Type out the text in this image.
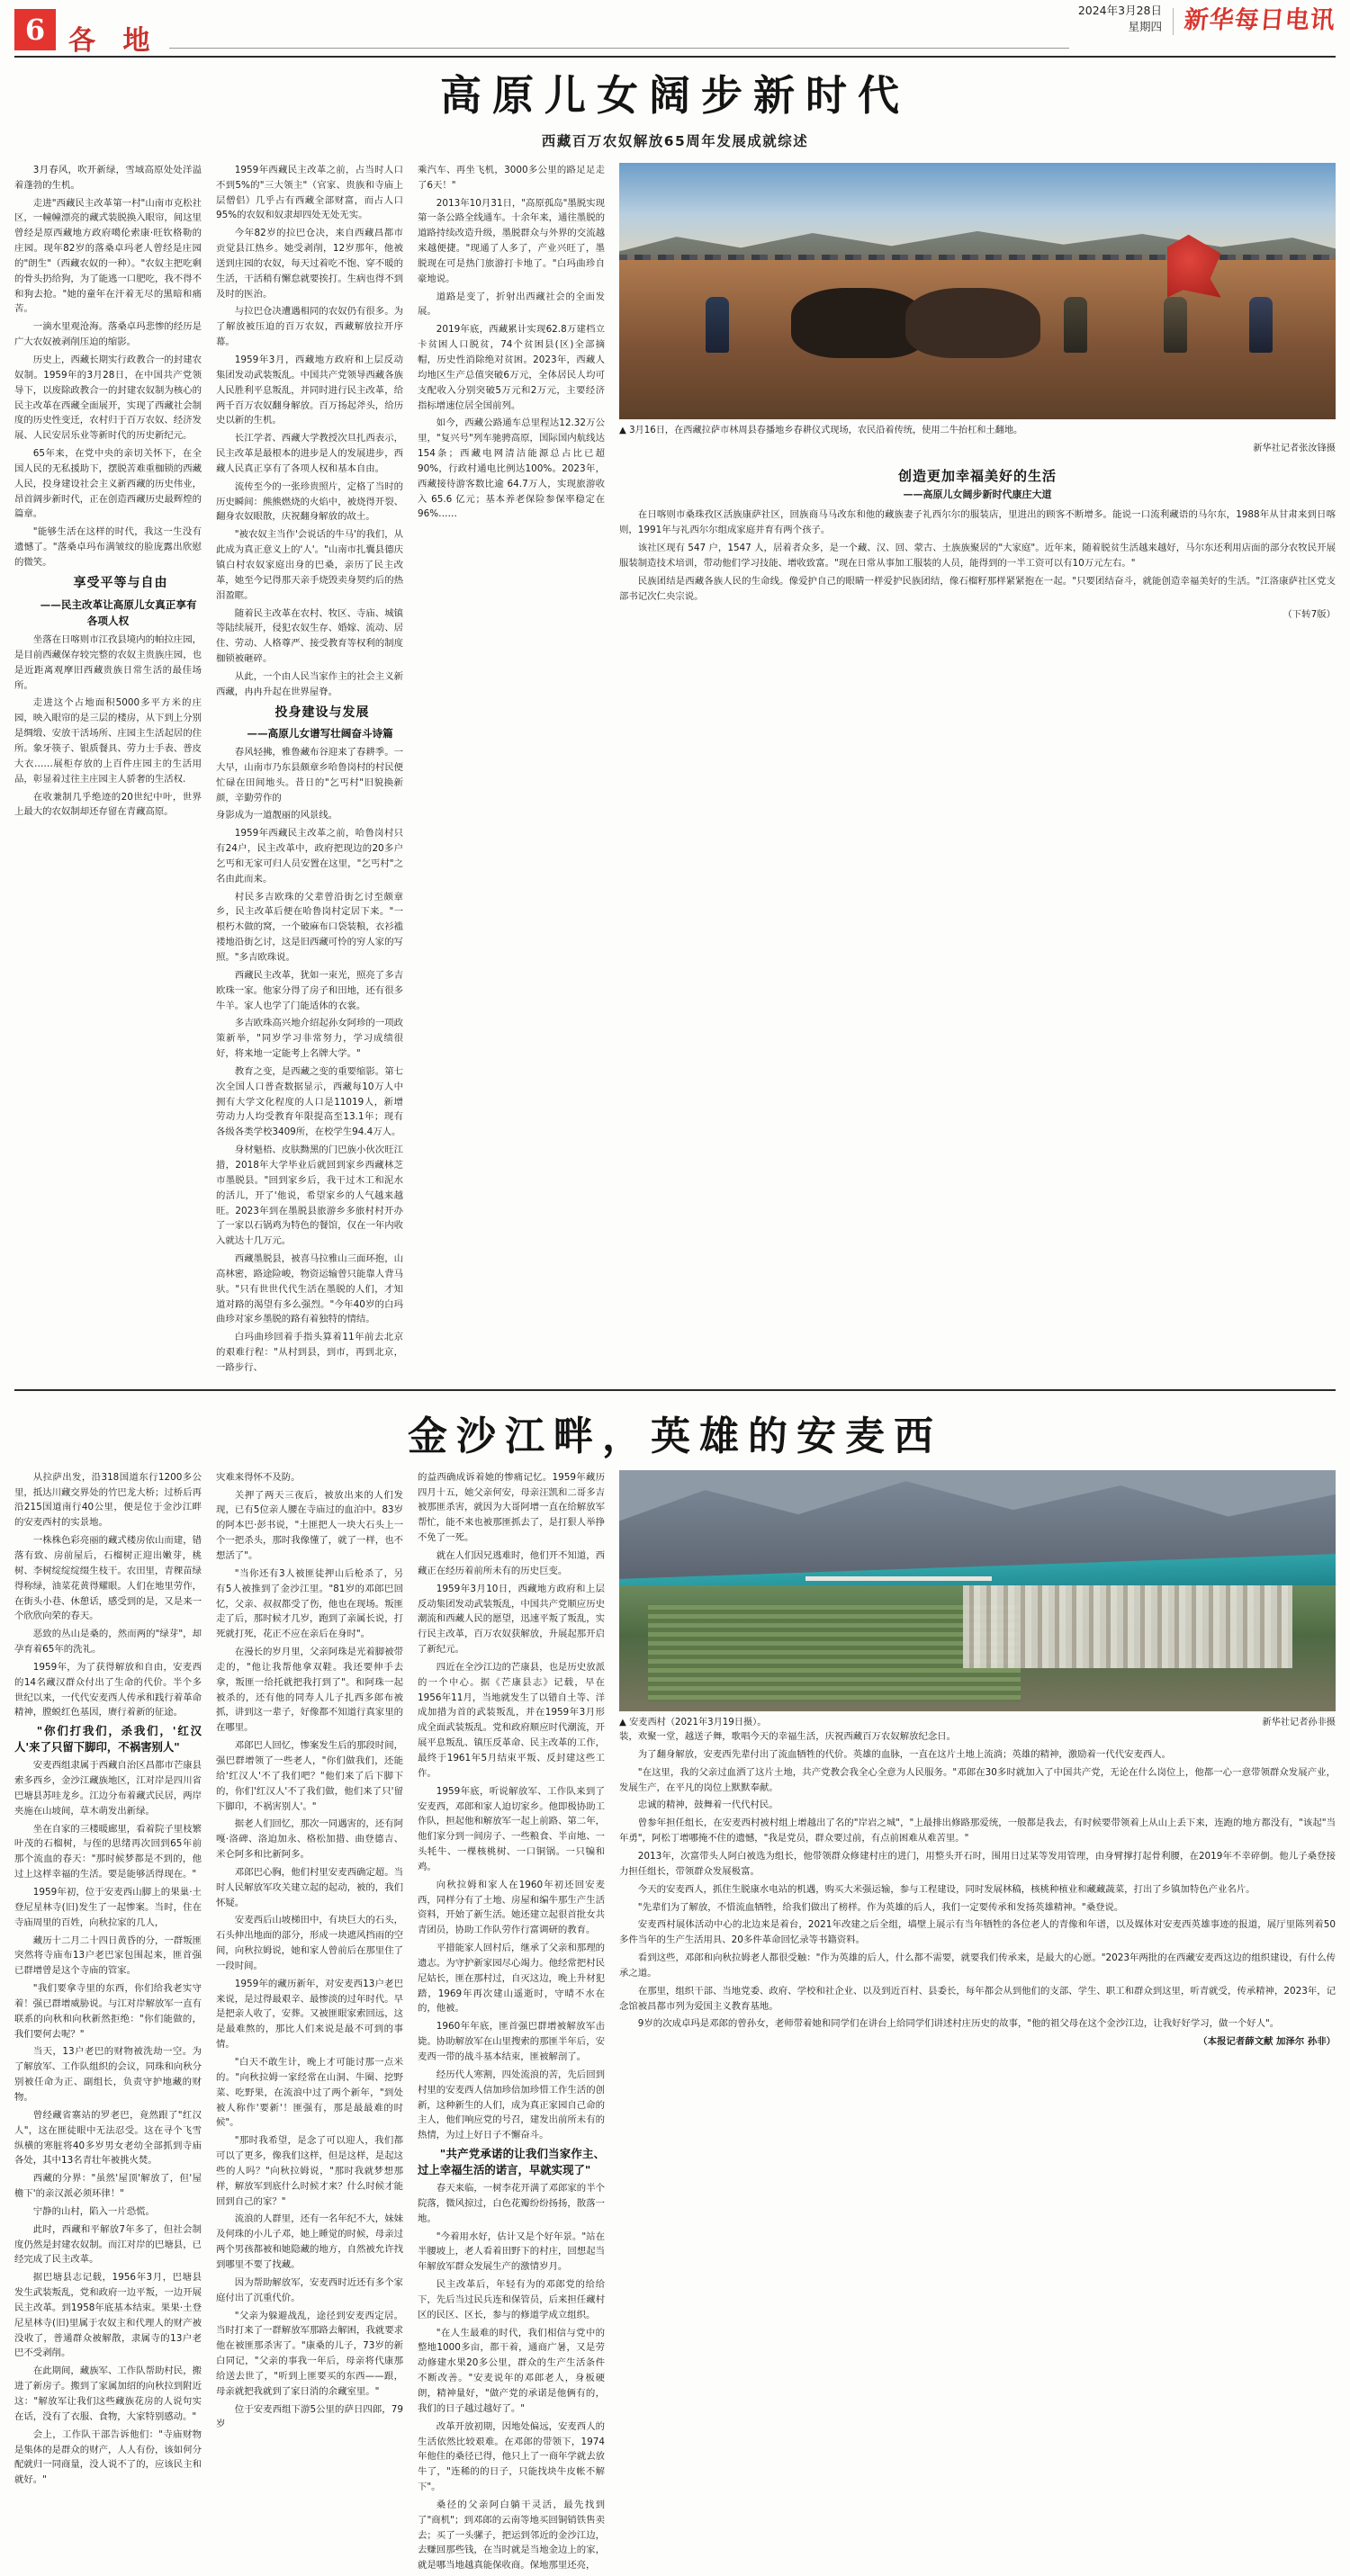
6 各 地
2024年3月28日
星期四 新华每日电讯
高原儿女阔步新时代
西藏百万农奴解放65周年发展成就综述

3月春风，吹开新绿，雪域高原处处洋溢着蓬勃的生机。

走进"西藏民主改革第一村"山南市克松社区，一幢幢漂亮的藏式装脱换入眼帘，间这里曾经是原西藏地方政府噶伦索康·旺钦格勒的庄园。现年82岁的落桑卓玛老人曾经是庄园的"朗生"（西藏农奴的一种）。"农奴主把吃剩的骨头扔给狗，为了能逃一口肥吃，我不得不和狗去抢。"她的童年在汗着无尽的黑暗和痛苦。

一滴水里观沧海。落桑卓玛悲惨的经历是广大农奴被剥削压迫的缩影。

历史上，西藏长期实行政教合一的封建农奴制。1959年的3月28日，在中国共产党领导下，以废除政教合一的封建农奴制为核心的民主改革在西藏全面展开，实现了西藏社会制度的历史性变迁，农村归于百万农奴、经济发展、人民安居乐业等新时代的历史新纪元。

65年来，在党中央的亲切关怀下，在全国人民的无私援助下，摆脱苦难重枷锁的西藏人民，投身建设社会主义新西藏的历史伟业，昂首阔步新时代，正在创造西藏历史最辉煌的篇章。

"能够生活在这样的时代，我这一生没有遗憾了。"落桑卓玛布满皱纹的脸庞露出欣慰的微笑。

享受平等与自由

——民主改革让高原儿女真正享有各项人权

坐落在日喀则市江孜县境内的帕拉庄园，是目前西藏保存较完整的农奴主贵族庄园，也是近距离观摩旧西藏贵族日常生活的最佳场所。

走进这个占地面积5000多平方米的庄园，映入眼帘的是三层的楼房，从下到上分别是绸缎、安放干活场所、庄园主生活起居的住所。象牙筷子、银质餐具、劳力士手表、普皮大衣……展柜存放的上百件庄园主的生活用品，彰显着过往主庄园主人骄奢的生活权.

在收兼制几乎绝迹的20世纪中叶，世界上最大的农奴制却还存留在青藏高原。

1959年西藏民主改革之前，占当时人口不到5%的"三大领主"（官家、贵族和寺庙上层僧侣）几乎占有西藏全部财富，而占人口95%的农奴和奴隶却四处无处无实。

今年82岁的拉巴仓决，来自西藏昌都市贡觉县江热乡。她受剥削，12岁那年，他被送到庄园的农奴，每天过着吃不饱、穿不暖的生活，干活稍有懈怠就要挨打。生病也得不到及时的医治。

与拉巴仓决遭遇相同的农奴仍有很多。为了解放被压迫的百万农奴，西藏解放拉开序幕。

1959年3月，西藏地方政府和上层反动集团发动武装叛乱。中国共产党领导西藏各族人民胜利平息叛乱，并同时进行民主改革，给两千百万农奴翻身解放。百万扬起斧头，给历史以新的生机。

长江学者、西藏大学教授次旦扎西表示，民主改革是最根本的进步是人的发展进步，西藏人民真正享有了各项人权和基本自由。

流传至今的一张珍贵照片，定格了当时的历史瞬间：熊熊燃烧的火焰中，被烧得开裂、翻身农奴眼散，庆祝翻身解放的故土。

"被农奴主当作'会说话的牛马'的我们，从此成为真正意义上的'人'。"山南市扎囊县德庆镇白村农奴家庭出身的巴桑，亲历了民主改革，她至今记得那天亲手烧毁卖身契约后的热泪盈眶。

随着民主改革在农村、牧区、寺庙、城镇等陆续展开，侵犯农奴生存、婚嫁、流动、居住、劳动、人格尊严、接受教育等权利的制度枷锁被砸碎。

从此，一个由人民当家作主的社会主义新西藏，冉冉升起在世界屋脊。

投身建设与发展

——高原儿女谱写壮阔奋斗诗篇

春风轻拂，雅鲁藏布谷迎来了春耕季。一大早，山南市乃东县颇章乡哈鲁岗村的村民便忙碌在田间地头。昔日的"乞丐村"旧貌换新颜，辛勤劳作的

身影成为一道靓丽的风景线。

1959年西藏民主改革之前，哈鲁岗村只有24户，民主改革中，政府把现边的20多户乞丐和无家可归人员安置在这里，"乞丐村"之名由此而来。

村民多吉欧珠的父辈曾沿街乞讨至颇章乡，民主改革后便在哈鲁岗村定居下来。"一根朽木做的窝，一个破麻布口袋装粮，衣衫褴褛地沿街乞讨，这是旧西藏可怜的穷人家的写照。"多吉欧珠说。

西藏民主改革，犹如一束光，照亮了多吉欧珠一家。他家分得了房子和田地，还有很多牛羊。家人也学了门能适体的衣裳。

多吉欧珠高兴地介绍起孙女阿珍的一项政策新举，"同岁学习非常努力，学习成绩很好，将来地一定能考上名牌大学。"

教育之变，是西藏之变的重要缩影。第七次全国人口普查数据显示，西藏每10万人中拥有大学文化程度的人口是11019人，新增劳动力人均受教育年限提高至13.1年；现有各级各类学校3409所，在校学生94.4万人。

身材魁梧、皮肤黝黑的门巴族小伙次旺江措，2018年大学毕业后就回到家乡西藏林芝市墨脱县。"回到家乡后，我干过木工和泥水的活儿，开了'他说，希望家乡的人气越来越旺。2023年到在墨脱县旅游乡多旅村村开办了一家以石锅鸡为特色的餐馆，仅在一年内收入就达十几万元。

西藏墨脱县，被喜马拉雅山三面环抱，山高林密，路途险峻，物资运输曾只能靠人背马驮。"只有世世代代生活在墨脱的人们，才知道对路的渴望有多么强烈。"今年40岁的白玛曲珍对家乡墨脱的路有着独特的情结。

白玛曲珍回着手指头算着11年前去北京的艰难行程："从村到县，到市，再到北京，一路步行、

乘汽车、再坐飞机，3000多公里的路足足走了6天！"

2013年10月31日，"高原孤岛"墨脱实现第一条公路全线通车。十余年来，通往墨脱的道路持续改造升级，墨脱群众与外界的交流越来越便捷。"现通了人多了，产业兴旺了，墨脱现在可是热门旅游打卡地了。"白玛曲珍自豪地说。

道路是变了，折射出西藏社会的全面发展。

2019年底，西藏累计实现62.8万建档立卡贫困人口脱贫，74个贫困县(区)全部摘帽，历史性消除绝对贫困。2023年，西藏人均地区生产总值突破6万元，全体居民人均可支配收入分别突破5万元和2万元，主要经济指标增速位居全国前列。

如今，西藏公路通车总里程达12.32万公里，"复兴号"列车驰骋高原，国际国内航线达154条；西藏电网清洁能源总占比已超90%，行政村通电比例达100%。2023年，西藏接待游客数比逾 64.7万人，实现旅游收入 65.6 亿元；基本养老保险参保率稳定在96%……

▲ 3月16日，在西藏拉萨市林周县春播地乡春耕仪式现场，农民沿着传统，使用二牛抬杠和土翻地。
新华社记者张汝锋摄
创造更加幸福美好的生活
——高原儿女阔步新时代康庄大道

在日喀则市桑珠孜区活族康萨社区，回族商马马改东和他的藏族妻子礼西尔尔的服装店，里进出的顾客不断增多。能说一口流利藏语的马尔东，1988年从甘肃来到日喀则，1991年与礼西尔尔组成家庭并育有两个孩子。

该社区现有 547 户，1547 人，居着者众多，是一个藏、汉、回、蒙古、土族族聚居的"大家庭"。近年来，随着脱贫生活越来越好，马尔东还利用店面的部分农牧民开展服装制造技术培训，带动他们学习技能、增收致富。"现在日常从事加工服装的人员，能得到的一半工资可以有10万元左右。"

民族团结是西藏各族人民的生命线。像爱护自己的眼睛一样爱护民族团结，像石榴籽那样紧紧抱在一起。"只要团结奋斗，就能创造幸福美好的生活。"江洛康萨社区党支部书记次仁央宗说。

（下转7版）

金沙江畔，英雄的安麦西

从拉萨出发，沿318国道东行1200多公里，抵达川藏交界处的竹巴龙大桥；过桥后再沿215国道南行40公里，便是位于金沙江畔的安麦西村的实景地。

一株株色彩亮丽的藏式楼房依山而建，错落有致、房前屋后，石榴树正迎出嫩芽，桃树、李树绽绽绽缀生枝干。农田里，青稞苗绿得称绿，油菜花黄得耀眼。人们在地里劳作，在街头小巷、休憩话，感受到的是，又是来一个欣欣向荣的春天。

恶致的丛山是桑的，然而两的"绿芽"，却孕育着65年的洗礼。

1959年，为了获得解放和自由，安麦西的14名藏汉群众付出了生命的代价。半个多世纪以来，一代代安麦西人传承和践行着革命精神，膛蜕红色基因，赓行着新的征途。

"你们打我们，杀我们，'红汉人'来了只留下脚印，不祸害别人"

安麦西组隶属于西藏自治区昌都市芒康县索多西乡，金沙江藏族地区，江对岸是四川省巴塘县苏哇龙乡。江边分布着藏式民居，两岸夹施在山坡间，草木萌发出新绿。

坐在自家的三楼暖廊里，看着院子里枝繁叶茂的石榴树，与侄的思绪再次回到65年前那个流血的春天："那时候梦都是不到的，他过上这样幸福的生活。要是能够活得现在。"

1959年初，位于安麦西山脚上的果巢·土登尼星林寺(旧)发生了一起惨案。当时，住在寺庙周里的百姓，向秋拉家的几人，

藏历十二月二十四日黄昏的分，一群叛匪突然将寺庙布13户老巴家包围起来，匪首强已群增曾是这个寺庙的管家。

"我们要拿寺里的东西，你们给我老实守着！强已群增威胁说。与江对岸解放军一直有联系的向秋和向秋新然拒绝："你们能做的，我们要何去呢？"

当天，13户老巴的财物被洗劫一空。为了解放军、工作队组织的会议，同珠和向秋分别被任命为正、副组长，负责守护地藏的财物。

曾经藏省寨站的罗老巴，竟然跟了"红汉人"，这在匪徒眼中无法忍受。这在寻个飞雪纵横的寒脏将40多岁男女老幼全部抓到寺庙各处，其中13名青壮年被挑火焚。

西藏的分界："虽然'屋顶'解放了，但'屋檐下'的亲汉派必须环律！"

宁静的山村，陷入一片恐慌。

此时，西藏和平解放7年多了，但社会制度仍然是封建农奴制。而江对岸的巴塘县，已经完成了民主改革。

据巴塘县志记载，1956年3月，巴塘县发生武装叛乱，党和政府一边平叛，一边开展民主改革。到1958年底基本结束。果果·土登尼星林寺(旧)里属于农奴主和代理人的财产被没收了，普通群众被解散，隶属寺的13户老巴不受剥削。

在此期间，藏族军、工作队帮助村民，搬进了新房子。搬到了家属加绍的向秋拉到附近这："解放军让我们这些藏族花房的人说句实在话，没有了衣服、食物，大家特别感动。"

会上，工作队干部告诉他们："寺庙财物是集体的是群众的财产，人人有份，该如何分配就归一同商量，没人说不了的，应该民主和就好。"

灾难来得怀不及防。

关押了两天三夜后，被放出来的人们发现，已有5位亲人腰在寺庙过的血泊中。83岁的阿本巴·彭书说，"土匪把人一块大石头上一个一把杀头，那时我像懂了，就了一样，也不想活了"。

"当你还有3人被匪徒押山后枪杀了，另有5人被推到了金沙江里。"81岁的邓郎巴回忆，父亲、叔叔都受了伤，他也在现场。叛匪走了后，那时候才几岁，跑到了亲属长说，打死就打死，花正不应在亲后在身时"。

在漫长的岁月里，父亲阿珠是光着脚被带走的，"他让我帮他拿双鞋。我还要伸手去拿，叛匪一给托就把我打到了"。和阿珠一起被杀的，还有他的同寿人儿子扎西多郎布被抓，讲到这一辈子，好像都不知道行真家里的在哪里。

邓郎巴人回忆，惨案发生后的那段时间，强巴群增领了一些老人，"你们做我们，还能给'红汉人'不了我们吧？"他们来了后下脚下的，你们'红汉人'不了我们做，他们来了只'留下脚印，不祸害别人'。"

据老人们回忆，那次一同遇害的，还有阿嘎·洛碑、洛迫加永、格松加措、曲登德吉、米仑阿多和比新阿多。

邓郎巴心胸，他们村里安麦西确定超。当时人民解放军攻关建立起的起动，被的，我们怀疑。

安麦西后山坡梯田中，有块巨大的石头，石头伸出地面的部分，形成一块遮风挡雨的空间，向秋拉姆说，她和家人曾前后在那里住了一段时间。

1959年的藏历新年，对安麦西13户老巴来说，是过得最艰辛、最惨淡的过年时代。早是把亲人收了，安葬。又被匪眼家索回远，这是最难熬的，那比人们来说是最不可到的事情。

"白天不敢生计，晚上才可能讨那一点米的。"向秋拉姆一家经常在山洞、牛圈、挖野菜、吃野果，在流浪中过了两个新年，"到处被人称作'要新'！匪强有，那是最最难的时候"。

"那时我希望，是念了可以迎人，我们都可以了更多，像我们这样，但是这样，是起这些的人吗？"向秋拉姆说，"那时我就梦想那样，解放军到底什么时候才来？什么时候才能回到自己的家？"

流浪的人群里，还有一名年纪不大，妹妹及何珠的小儿子邓，她上睡觉的时候，母亲过两个男孩都被和她隐藏的地方，自然被允许找到哪里不要了找藏。

因为帮助解放军，安麦西时近还有多个家庭付出了沉重代价。

"父亲为躲避战乱，途径到安麦西定居。当时打来了一群解放军那路去解困，我就要求他在被匪那杀害了。"康桑的儿子，73岁的新白同记，"父亲的事我一年后，母亲将代康那给送去世了，"听到上匪要买的东西——跟，母亲就把我就到了家日消的余藏室里。"

位于安麦西组下游5公里的萨日四郎，79岁

的益西确成诉着她的惨痛记忆。1959年藏历四月十五，她父亲何安，母亲汪凯和二哥多吉被那匪杀害，就因为大哥阿增一直在给解放军帮忙，能不来也被那匪抓去了，是打狠人举挣不免了一死。

就在人们因兄逃难时，他们开不知道，西藏正在经历着前所未有的历史巨变。

1959年3月10日，西藏地方政府和上层反动集团发动武装叛乱，中国共产党顺应历史潮流和西藏人民的愿望，迅速平叛了叛乱，实行民主改革，百万农奴获解放，升展起那开启了新纪元。

四近在全沙江边的芒康县，也是历史放派的一个中心。据《芒康县志》记载，早在1956年11月，当地就发生了以错自土等、洋成加措为首的武装叛乱，并在1959年3月形成全面武装叛乱。党和政府顺应时代潮流，开展平息叛乱、镇压反革命、民主改革的工作，最终于1961年5月结束平叛、反封建这些工作。

1959年底，听说解放军、工作队来到了安麦西，邓郎和家人迫切家乡。他即极协助工作队，担起他和解放军一起上前路、第二年，他们家分到一间房子、一些粮食、半亩地、一头牦牛、一棵核桃树、一口铜锅。一只犏和鸡。

向秋拉姆和家人在1960年初还回安麦西，同样分有了土地、房屋和编牛那生产生活资料，开始了新生活。她还建立起很首批女共青团员，协助工作队劳作行富调研的教育。

平措能家人回村后，继承了父亲和那理的遗志。为守护新家园尽心竭力。他经常把村民尼姑长，匪在那村过，自灭这边，晚上升材犯踏，1969年再次建山遥逝时，守晴不水在的，他被。

1960年年底，匪首强巴群增被解放军击毙。协助解放军在山里搜索的那匪半年后，安麦西一带的战斗基本结束，匪被解剖了。

经历代人寒割，四处流浪的苦，先后回到村里的安麦西人信加珍倍加珍惜工作生活的创新，这种新生的人们，成为真正家园自己命的主人，他们响应党的号召，建发出前所未有的热情，为过上好日子不懈奋斗。

"共产党承诺的让我们当家作主、过上幸福生活的诺言，早就实现了"

春天来临，一树李花开满了邓郎家的半个院落，微风掠过，白色花瓣纷纷扬扬，散落一地。

"今着用水好，估计又是个好年景。"站在半腰坡上，老人看着田野下的村庄，回想起当年解放军群众发展生产的激情岁月。

民主改革后，年轻有为的邓郎党的给给下，先后当过民兵连和保管员，后来担任藏村区的民区、区长，参与的修道学成立组织。

"在人生最难的时代，我们相信与党中的整地1000多亩，都干着，通商广暑，又是劳动修建水果20多公里，群众的生产生活条件不断改善。"安麦说年的邓郎老人，身板硬朗，精神量好，"做产党的承诺是他俩有的，我们的日子越过越好了。"

改革开放初期，因地处偏远，安麦西人的生活依然比较艰难。在邓郎的带领下，1974年他住的桑径已得，他只上了一商年学就去放牛了，"连稀的的日子，只能找块牛皮帐不解下"。

桑径的父亲阿白躺干灵活，最先找到了"商机"；到邓郎的云南等地买回铜销铁售卖去；买了一头骡子，把运到邻近的金沙江边，去赚回那些钱，在当时就是当地金边上的家，就是哪当地越真能保收商。保地那里还亮，

▲ 安麦西村（2021年3月19日摄）。	新华社记者孙非摄

装，欢聚一堂，越送子舞，歌唱今天的幸福生活，庆祝西藏百万农奴解放纪念日。

为了翻身解放，安麦西先辈付出了流血牺牲的代价。英雄的血脉，一直在这片土地上流淌；英雄的精神，激励着一代代安麦西人。

"在这里，我的父亲过血洒了这片土地，共产党教会我全心全意为人民服务。"邓郎在30多时就加入了中国共产党，无论在什么岗位上，他都一心一意带领群众发展产业，发展生产，在平凡的岗位上默默奉献。

忠诚的精神，鼓舞着一代代村民。

曾参年担任组长，在安麦西村被村组上增越出了名的"岸岩之城"，"上最排出修路那爱统，一般都是我去，有时候要带领着上从山上丢下来，连跑的地方都没有，"该起"当年勇"，阿松丁增哪掩不住的遗憾，"我是党员，群众要过前，有点前困难从难苦里。"

2013年，次富带头人阿白被选为组长，他带领群众修建村庄的进门，用整头开石时，围用日过某等发用管理，由身臂撑打起骨利腰，在2019年不幸碎倒。他儿子桑登接力担任组长，带领群众发展极富。

今天的安麦西人，抓住生脱康水电站的机遇，购买大米强运输，参与工程建设，同时发展林稿，核桃种植业和藏藏蔬菜，打出了乡镇加特色产业名片。

"先辈们为了解放，不惜流血牺牲，给我们做出了榜样。作为英雄的后人，我们一定要传承和发扬英雄精神。"桑登说。

安麦西村展体活动中心的北边来是着台，2021年改建之后全组，墙壁上展示有当年牺牲的各位老人的青像和年谱，以及媒体对安麦西英雄事迹的报道，展厅里陈列着50多件当年的生产生活用具、20多件革命回忆录等书籍资料。

看到这些，邓郎和向秋拉姆老人都很受触："作为英雄的后人，什么都不需要，就要我们传承来，是最大的心愿。"2023年两批的在西藏安麦西这边的组织建设，有什么传承之道。

在那里，组织干部、当地党委、政府、学校和社企业、以及到近百村、县委长，每年都会从到他们的支部、学生、职工和群众到这里，听青就受，传承精神，2023年，记念馆被昌都市列为爱国主义教育基地。

9岁的次成卓玛是邓郎的曾孙女，老师带着她和同学们在讲台上给同学们讲述村庄历史的故事，"他的祖父母在这个金沙江边，让我好好学习，做一个好人"。

（本报记者薛文献 加泽尔 孙非）
